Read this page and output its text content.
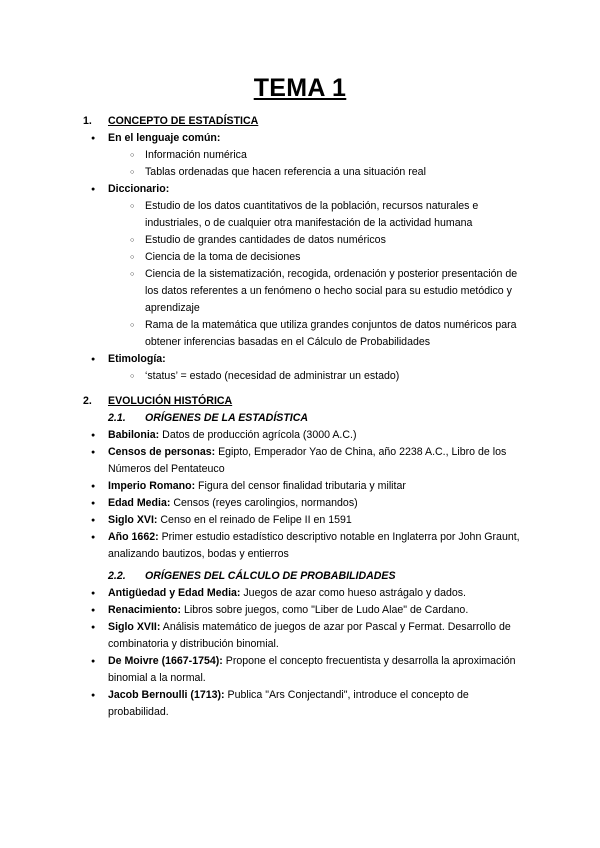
TEMA 1
1. CONCEPTO DE ESTADÍSTICA
● En el lenguaje común:
○ Información numérica
○ Tablas ordenadas que hacen referencia a una situación real
● Diccionario:
○ Estudio de los datos cuantitativos de la población, recursos naturales e industriales, o de cualquier otra manifestación de la actividad humana
○ Estudio de grandes cantidades de datos numéricos
○ Ciencia de la toma de decisiones
○ Ciencia de la sistematización, recogida, ordenación y posterior presentación de los datos referentes a un fenómeno o hecho social para su estudio metódico y aprendizaje
○ Rama de la matemática que utiliza grandes conjuntos de datos numéricos para obtener inferencias basadas en el Cálculo de Probabilidades
● Etimología:
○ ‘status’ = estado (necesidad de administrar un estado)
2. EVOLUCIÓN HISTÓRICA
2.1. ORÍGENES DE LA ESTADÍSTICA
● Babilonia: Datos de producción agrícola (3000 A.C.)
● Censos de personas: Egipto, Emperador Yao de China, año 2238 A.C., Libro de los Números del Pentateuco
● Imperio Romano: Figura del censor finalidad tributaria y militar
● Edad Media: Censos (reyes carolingios, normandos)
● Siglo XVI: Censo en el reinado de Felipe II en 1591
● Año 1662: Primer estudio estadístico descriptivo notable en Inglaterra por John Graunt, analizando bautizos, bodas y entierros
2.2. ORÍGENES DEL CÁLCULO DE PROBABILIDADES
● Antigüedad y Edad Media: Juegos de azar como hueso astrágalo y dados.
● Renacimiento: Libros sobre juegos, como "Liber de Ludo Alae" de Cardano.
● Siglo XVII: Análisis matemático de juegos de azar por Pascal y Fermat. Desarrollo de combinatoria y distribución binomial.
● De Moivre (1667-1754): Propone el concepto frecuentista y desarrolla la aproximación binomial a la normal.
● Jacob Bernoulli (1713): Publica "Ars Conjectandi", introduce el concepto de probabilidad.
